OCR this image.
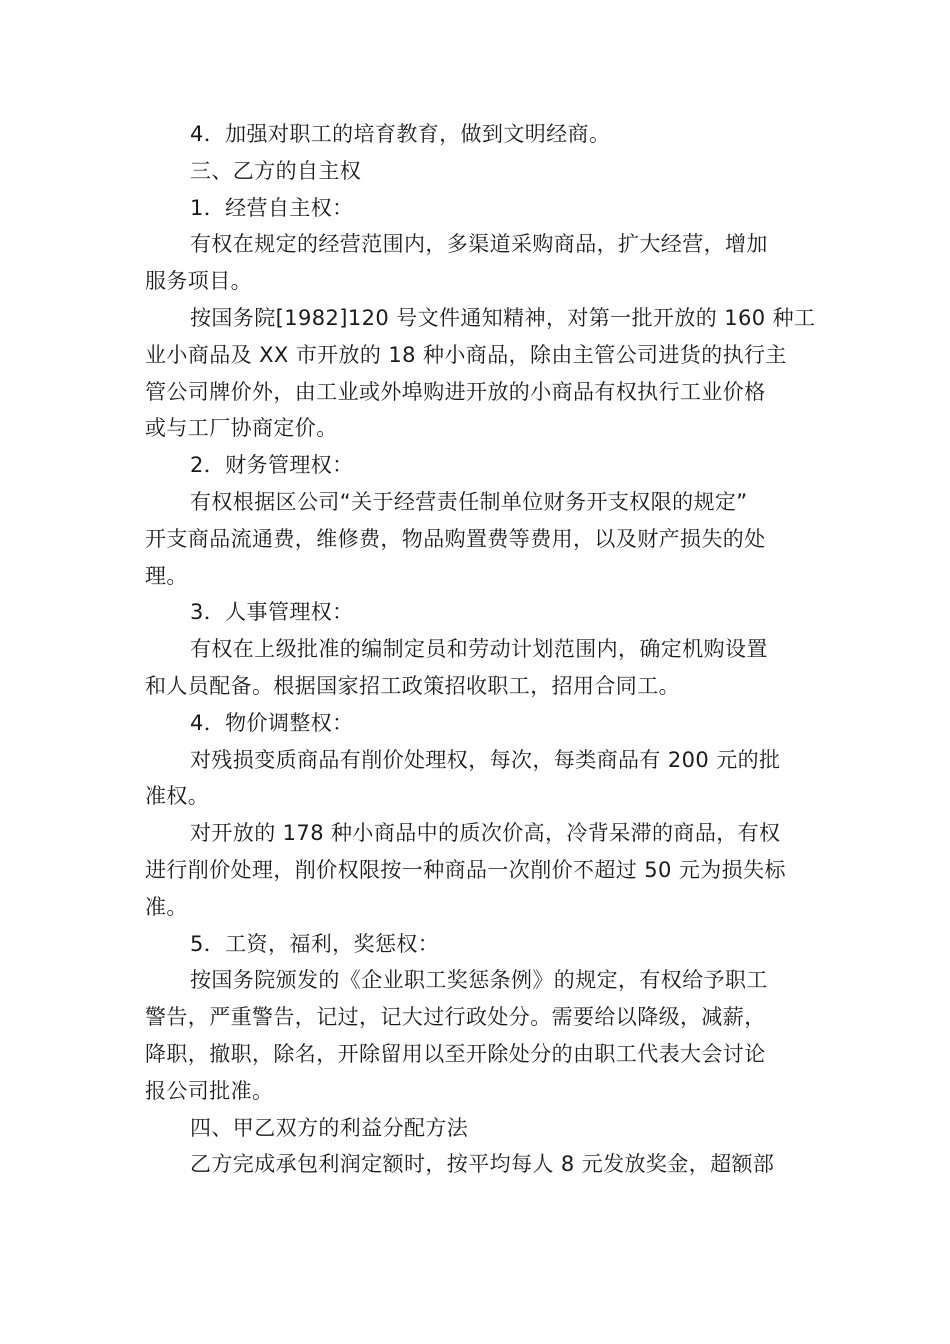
4．加强对职工的培育教育，做到文明经商。
三、乙方的自主权
1．经营自主权：
有权在规定的经营范围内，多渠道采购商品，扩大经营，增加
服务项目。
按国务院[1982]120 号文件通知精神，对第一批开放的 160 种工
业小商品及 XX 市开放的 18 种小商品，除由主管公司进货的执行主
管公司牌价外，由工业或外埠购进开放的小商品有权执行工业价格
或与工厂协商定价。
2．财务管理权：
有权根据区公司“关于经营责任制单位财务开支权限的规定”
开支商品流通费，维修费，物品购置费等费用，以及财产损失的处
理。
3．人事管理权：
有权在上级批准的编制定员和劳动计划范围内，确定机购设置
和人员配备。根据国家招工政策招收职工，招用合同工。
4．物价调整权：
对残损变质商品有削价处理权，每次，每类商品有 200 元的批
准权。
对开放的 178 种小商品中的质次价高，冷背呆滞的商品，有权
进行削价处理，削价权限按一种商品一次削价不超过 50 元为损失标
准。
5．工资，福利，奖惩权：
按国务院颁发的《企业职工奖惩条例》的规定，有权给予职工
警告，严重警告，记过，记大过行政处分。需要给以降级，减薪，
降职，撤职，除名，开除留用以至开除处分的由职工代表大会讨论
报公司批准。
四、甲乙双方的利益分配方法
乙方完成承包利润定额时，按平均每人 8 元发放奖金，超额部
